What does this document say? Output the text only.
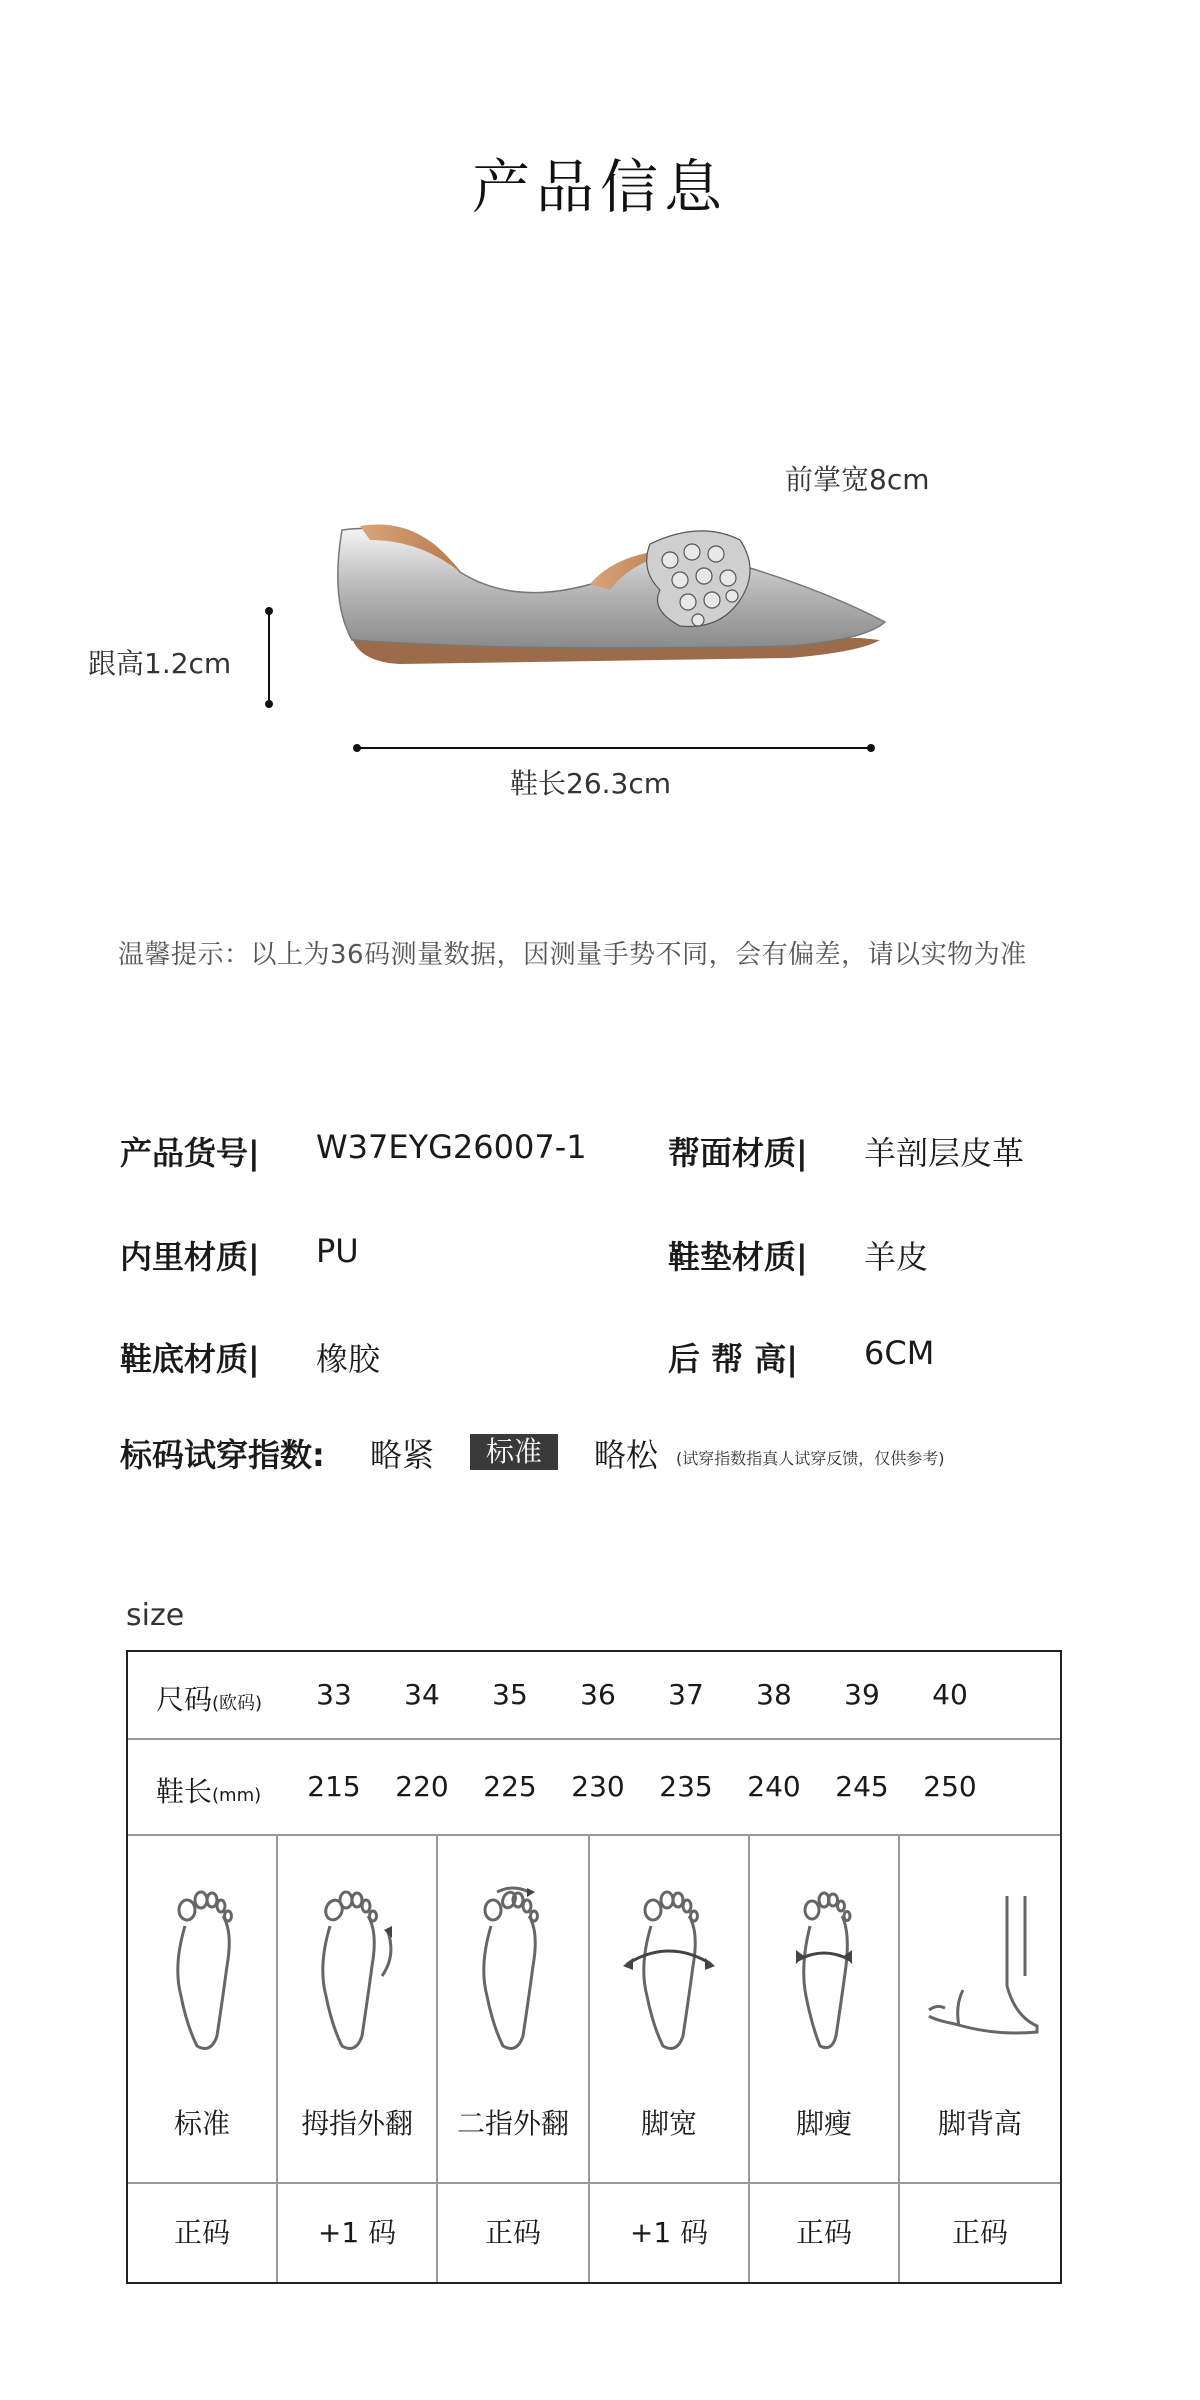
产品信息
前掌宽8cm
跟高1.2cm
鞋长26.3cm
温馨提示：以上为36码测量数据，因测量手势不同，会有偏差，请以实物为准
产品货号| W37EYG26007-1	帮面材质| 羊剖层皮革
内里材质| PU	鞋垫材质| 羊皮
鞋底材质| 橡胶	后 帮 高| 6CM
标码试穿指数: 略紧	标准	略松 (试穿指数指真人试穿反馈，仅供参考)
size
尺码(欧码)	33	34	35	36	37	38	39	40
鞋长(mm) 215 220 225 230 235 240 245 250
标准	拇指外翻	二指外翻	脚宽	脚瘦	脚背高
正码	+1 码	正码	+1 码	正码	正码
